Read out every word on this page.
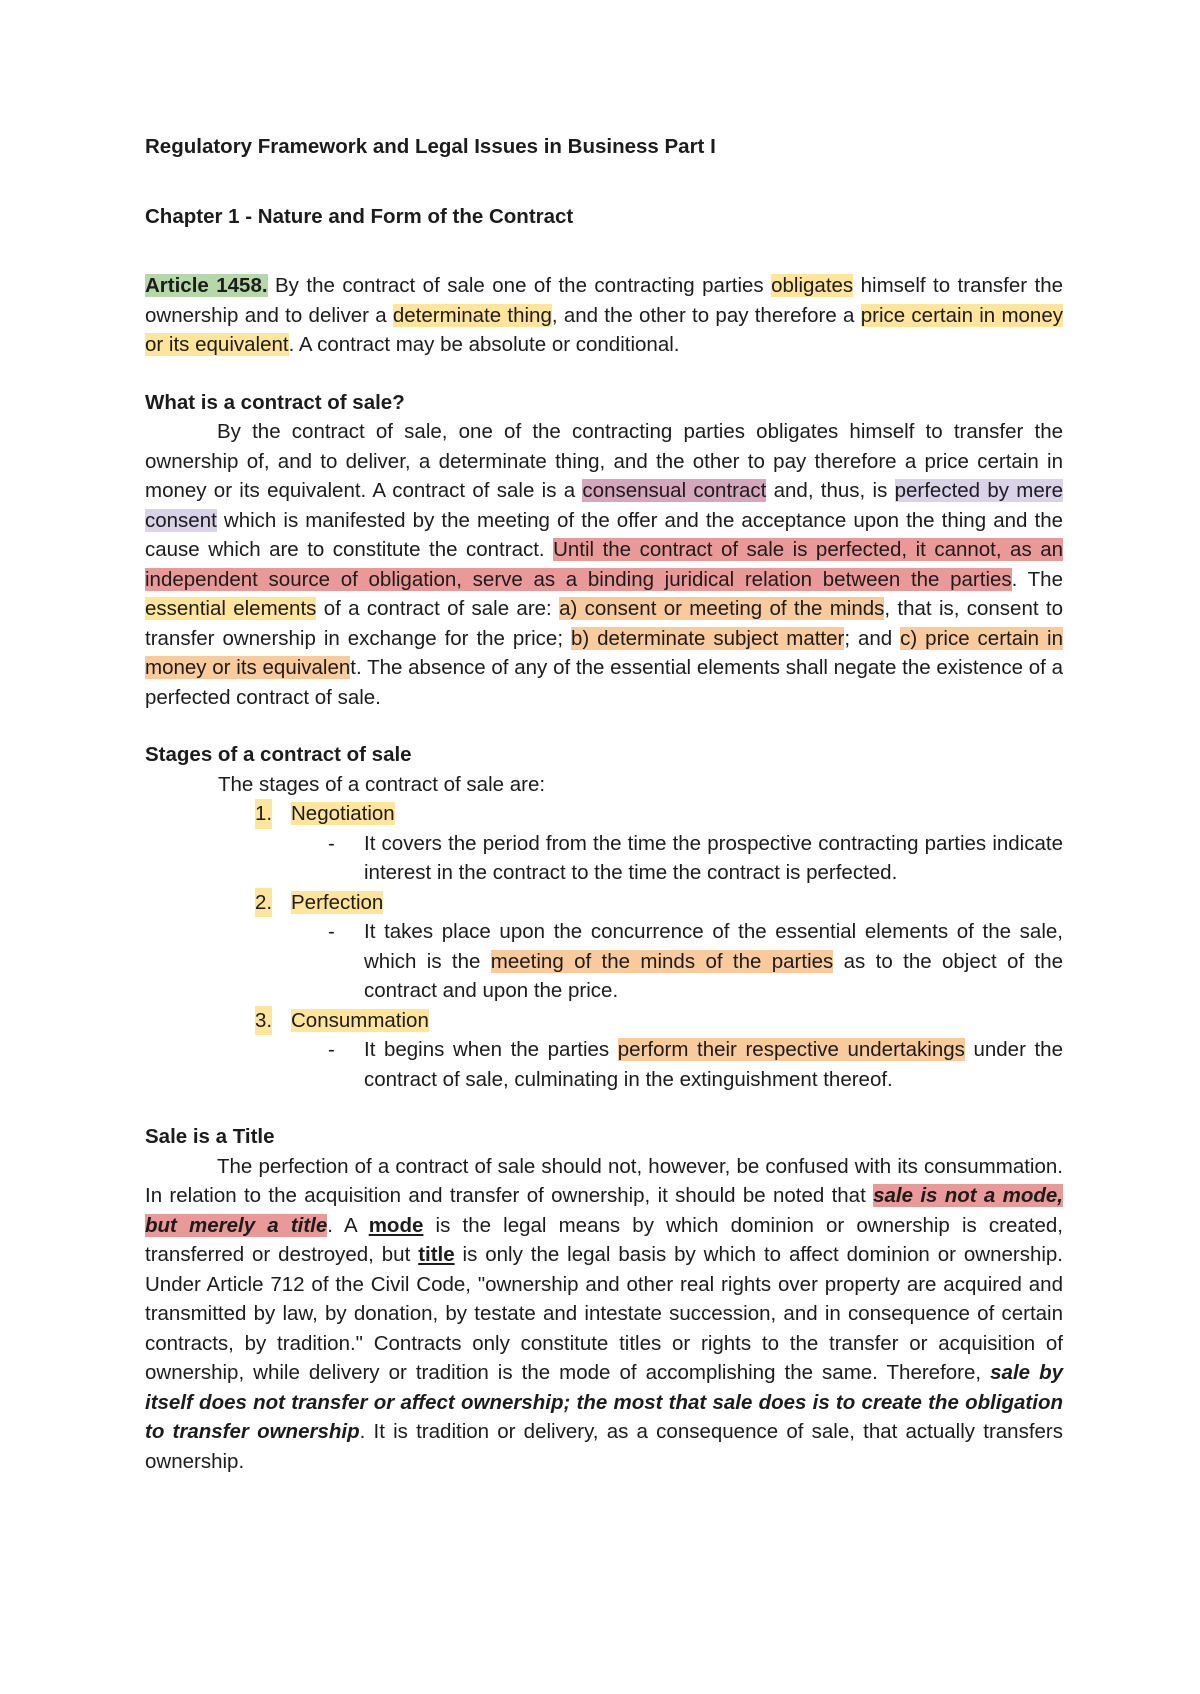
Regulatory Framework and Legal Issues in Business Part I

Chapter 1 - Nature and Form of the Contract

Article 1458. By the contract of sale one of the contracting parties obligates himself to transfer the ownership and to deliver a determinate thing, and the other to pay therefore a price certain in money or its equivalent. A contract may be absolute or conditional.

What is a contract of sale?

By the contract of sale, one of the contracting parties obligates himself to transfer the ownership of, and to deliver, a determinate thing, and the other to pay therefore a price certain in money or its equivalent. A contract of sale is a consensual contract and, thus, is perfected by mere consent which is manifested by the meeting of the offer and the acceptance upon the thing and the cause which are to constitute the contract. Until the contract of sale is perfected, it cannot, as an independent source of obligation, serve as a binding juridical relation between the parties. The essential elements of a contract of sale are: a) consent or meeting of the minds, that is, consent to transfer ownership in exchange for the price; b) determinate subject matter; and c) price certain in money or its equivalent. The absence of any of the essential elements shall negate the existence of a perfected contract of sale.

Stages of a contract of sale

The stages of a contract of sale are:

1. Negotiation

- It covers the period from the time the prospective contracting parties indicate interest in the contract to the time the contract is perfected.

2. Perfection

- It takes place upon the concurrence of the essential elements of the sale, which is the meeting of the minds of the parties as to the object of the contract and upon the price.

3. Consummation

- It begins when the parties perform their respective undertakings under the contract of sale, culminating in the extinguishment thereof.

Sale is a Title

The perfection of a contract of sale should not, however, be confused with its consummation. In relation to the acquisition and transfer of ownership, it should be noted that sale is not a mode, but merely a title. A mode is the legal means by which dominion or ownership is created, transferred or destroyed, but title is only the legal basis by which to affect dominion or ownership. Under Article 712 of the Civil Code, "ownership and other real rights over property are acquired and transmitted by law, by donation, by testate and intestate succession, and in consequence of certain contracts, by tradition." Contracts only constitute titles or rights to the transfer or acquisition of ownership, while delivery or tradition is the mode of accomplishing the same. Therefore, sale by itself does not transfer or affect ownership; the most that sale does is to create the obligation to transfer ownership. It is tradition or delivery, as a consequence of sale, that actually transfers ownership.
